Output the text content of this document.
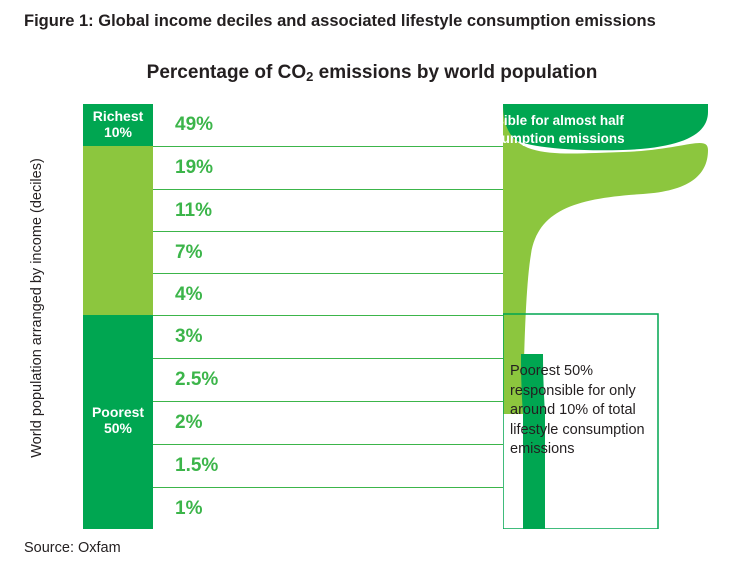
Figure 1: Global income deciles and associated lifestyle consumption emissions
Percentage of $CO_2$ emissions by world population
World population arranged by income (deciles)
Richest
10%
Poorest
50%
49%
19%
11%
7%
4%
3%
2.5%
2%
1.5%
1%
Richest 10% responsible for almost half of total lifestyle consumption emissions
Poorest 50% responsible for only around 10% of total lifestyle consumption emissions
Source: Oxfam
